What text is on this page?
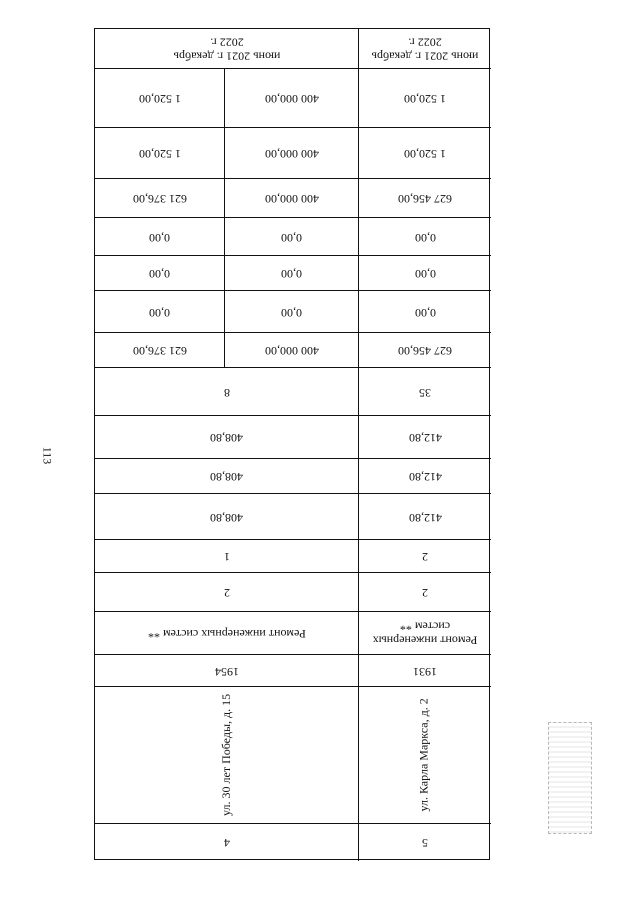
113
июнь 2021 г. декабрь 2022 г.
июнь 2021 г. декабрь 2022 г.
1 520,00
400 000,00
1 520,00
1 520,00
400 000,00
1 520,00
627 456,00
400 000,00
621 376,00
0,00
0,00
0,00
0,00
0,00
0,00
0,00
0,00
0,00
627 456,00
400 000,00
621 376,00
35
8
412,80
408,80
412,80
408,80
412,80
408,80
2
1
2
2
Ремонт инженерных систем **
Ремонт инженерных систем **
1931
1954
ул. Карла Маркса, д. 2
ул. 30 лет Победы, д. 15
5
4
